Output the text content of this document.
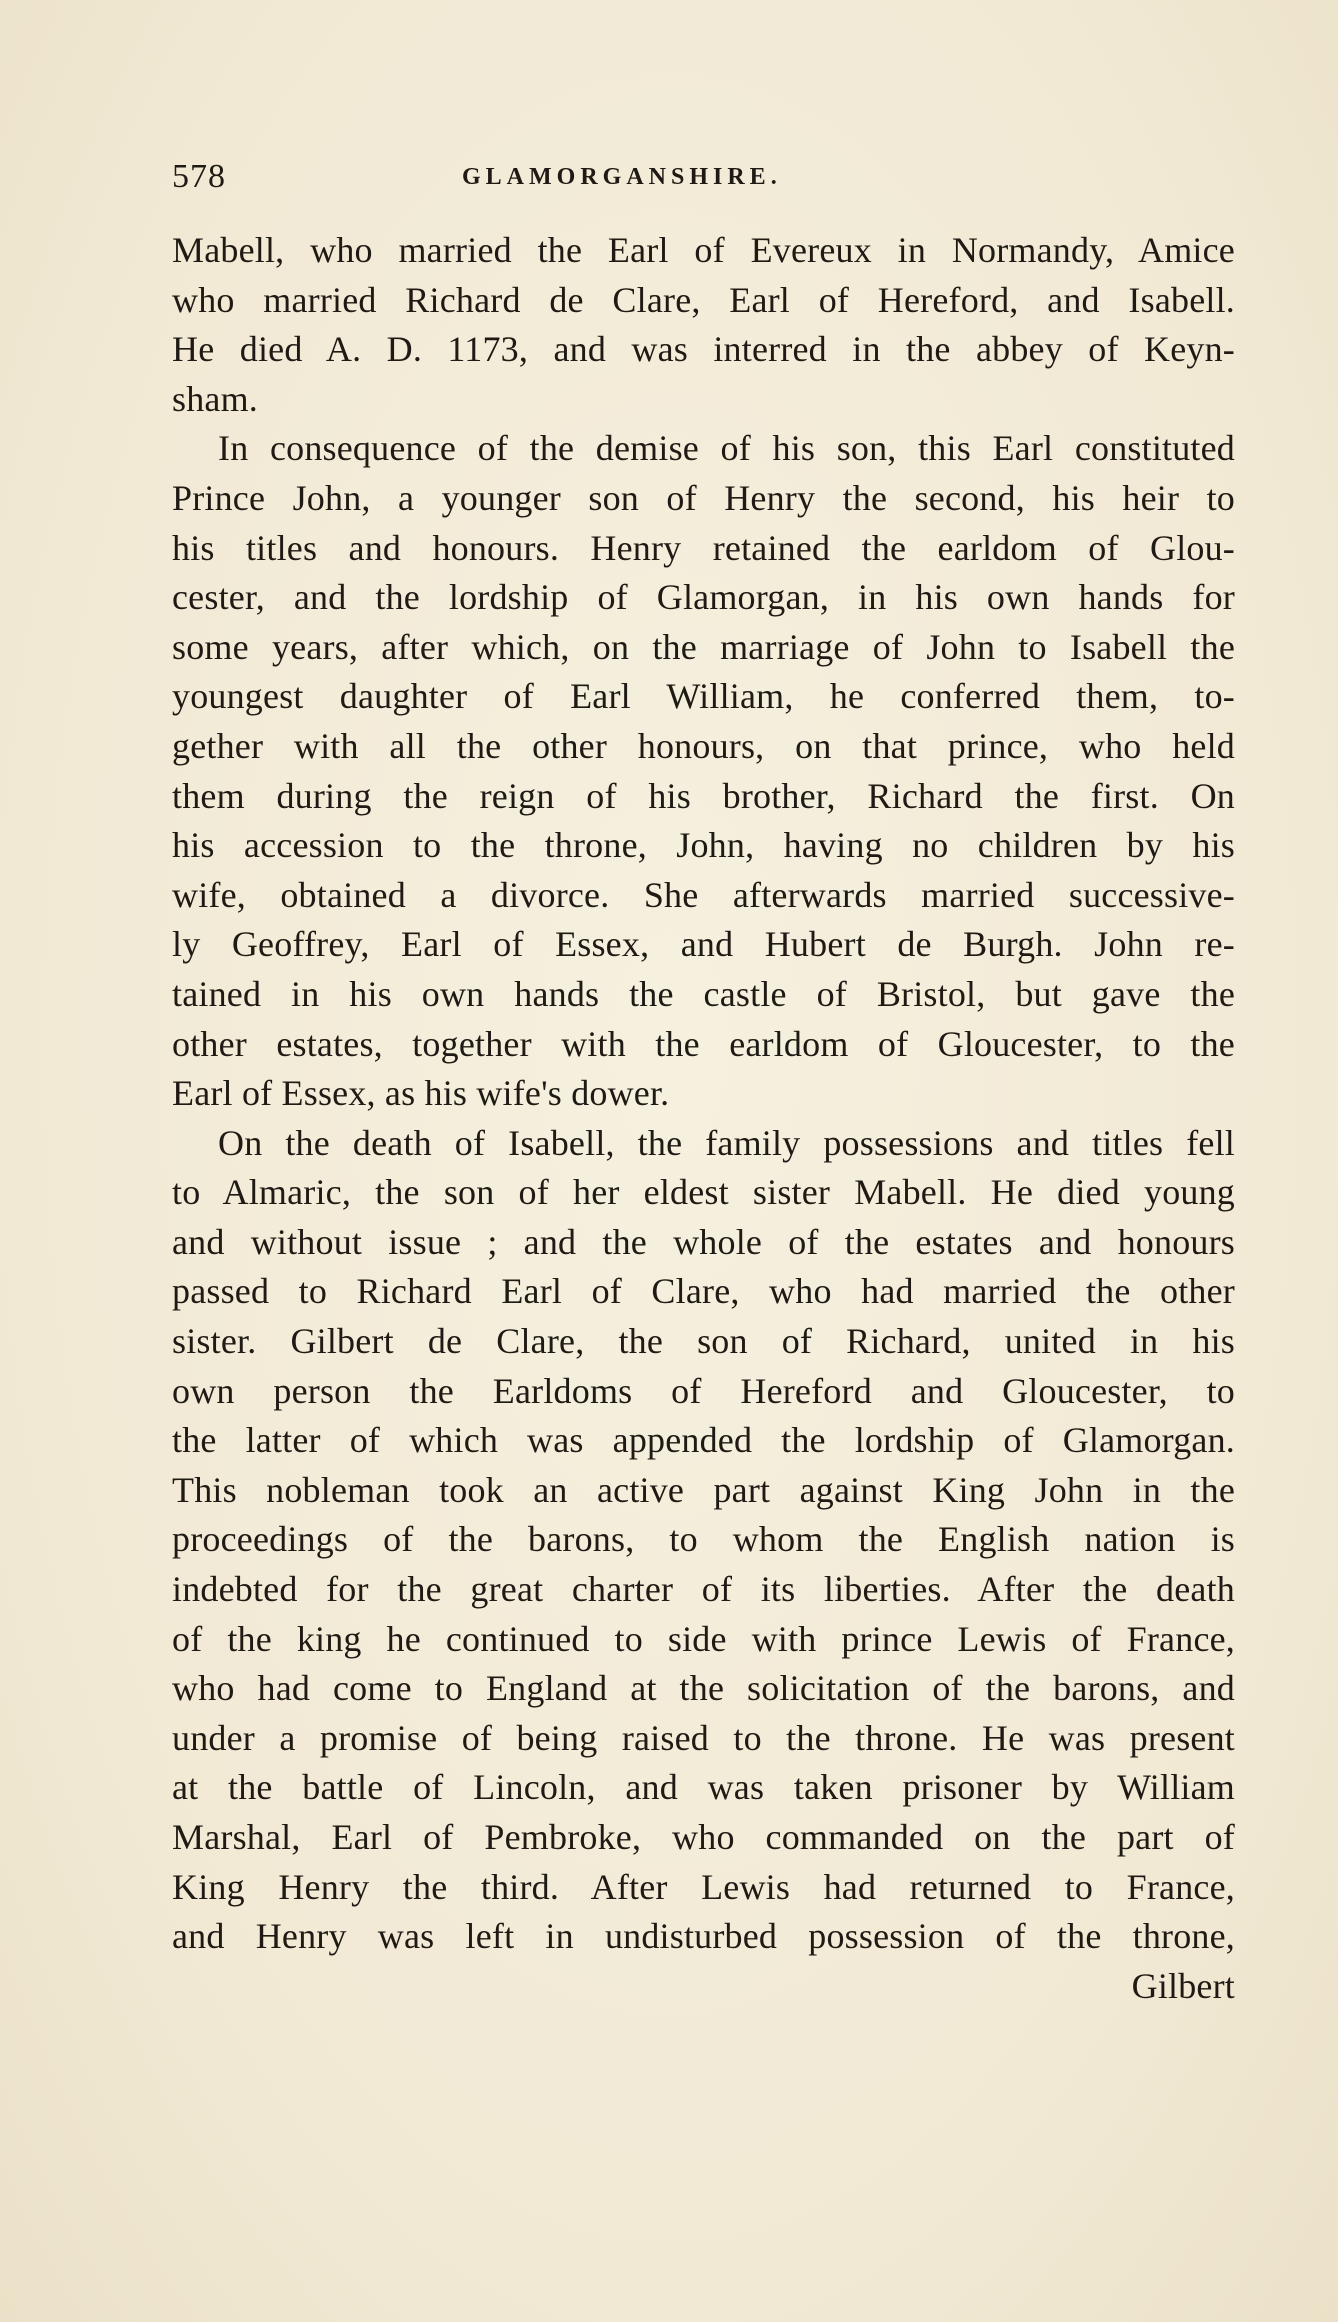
578	GLAMORGANSHIRE.
Mabell, who married the Earl of Evereux in Normandy, Amice
who married Richard de Clare, Earl of Hereford, and Isabell.
He died A. D. 1173, and was interred in the abbey of Keyn-
sham.
In consequence of the demise of his son, this Earl constituted
Prince John, a younger son of Henry the second, his heir to
his titles and honours. Henry retained the earldom of Glou-
cester, and the lordship of Glamorgan, in his own hands for
some years, after which, on the marriage of John to Isabell the
youngest daughter of Earl William, he conferred them, to-
gether with all the other honours, on that prince, who held
them during the reign of his brother, Richard the first. On
his accession to the throne, John, having no children by his
wife, obtained a divorce. She afterwards married successive-
ly Geoffrey, Earl of Essex, and Hubert de Burgh. John re-
tained in his own hands the castle of Bristol, but gave the
other estates, together with the earldom of Gloucester, to the
Earl of Essex, as his wife's dower.
On the death of Isabell, the family possessions and titles fell
to Almaric, the son of her eldest sister Mabell. He died young
and without issue ; and the whole of the estates and honours
passed to Richard Earl of Clare, who had married the other
sister. Gilbert de Clare, the son of Richard, united in his
own person the Earldoms of Hereford and Gloucester, to
the latter of which was appended the lordship of Glamorgan.
This nobleman took an active part against King John in the
proceedings of the barons, to whom the English nation is
indebted for the great charter of its liberties. After the death
of the king he continued to side with prince Lewis of France,
who had come to England at the solicitation of the barons, and
under a promise of being raised to the throne. He was present
at the battle of Lincoln, and was taken prisoner by William
Marshal, Earl of Pembroke, who commanded on the part of
King Henry the third. After Lewis had returned to France,
and Henry was left in undisturbed possession of the throne,
Gilbert
